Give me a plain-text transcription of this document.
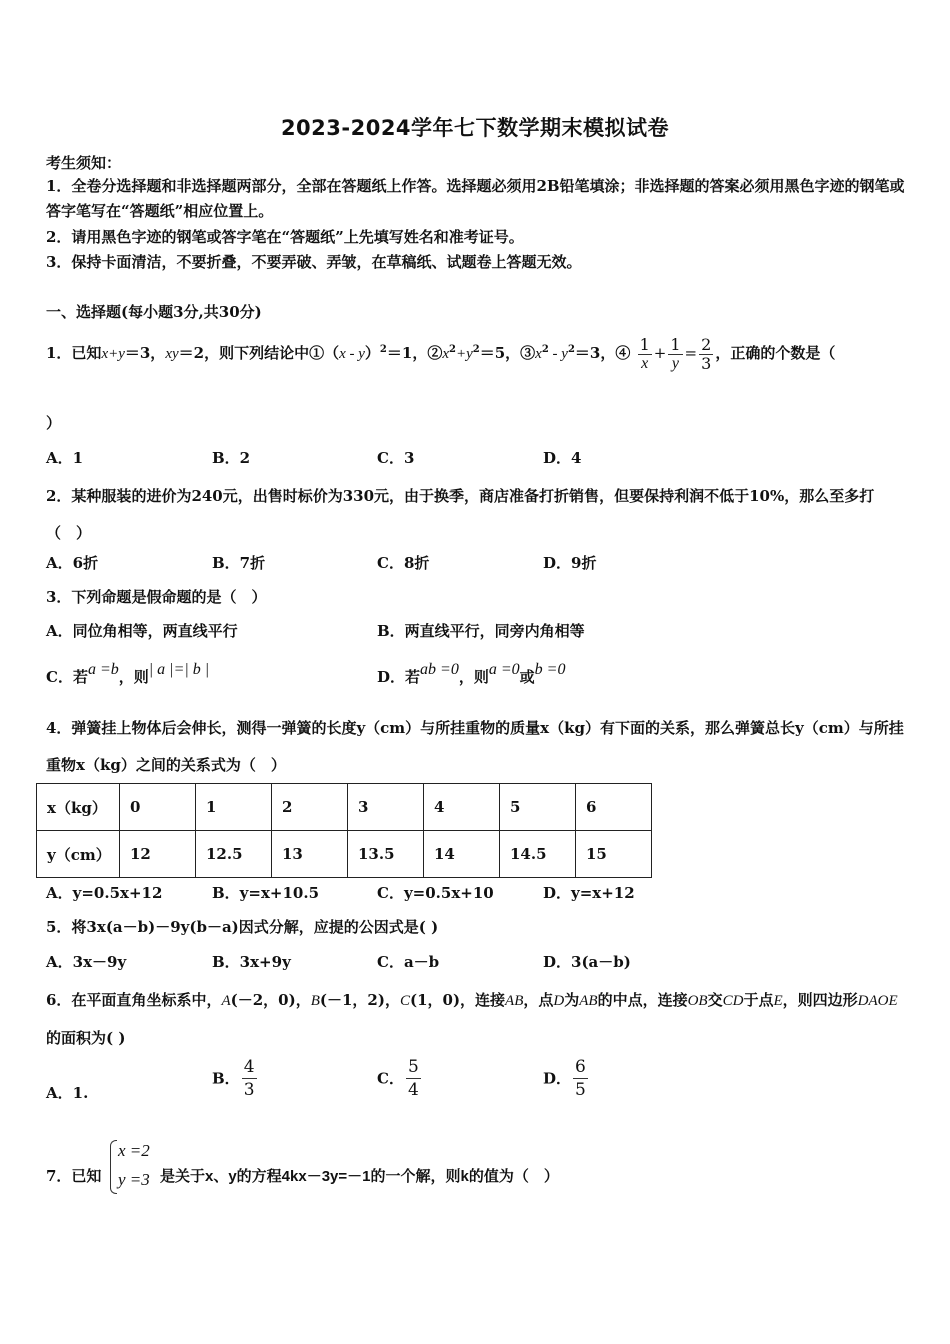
2023-2024学年七下数学期末模拟试卷
考生须知：
1．全卷分选择题和非选择题两部分，全部在答题纸上作答。选择题必须用2B铅笔填涂；非选择题的答案必须用黑色字迹的钢笔或答字笔写在“答题纸”相应位置上。
2．请用黑色字迹的钢笔或答字笔在“答题纸”上先填写姓名和准考证号。
3．保持卡面清洁，不要折叠，不要弄破、弄皱，在草稿纸、试题卷上答题无效。
一、选择题(每小题3分,共30分)
1．已知x+y＝3，xy＝2，则下列结论中①（x - y）$^2$＝1，$②x^2+y^2=5$，$③x^2 - y^2=3$，④ $\frac{1}{x} + \frac{1}{y} = \frac{2}{3}$ ，正确的个数是（
）
A．1	B．2	C．3	D．4
2．某种服装的进价为240元，出售时标价为330元，由于换季，商店准备打折销售，但要保持利润不低于10%，那么至多打（　）
A．6折	B．7折	C．8折	D．9折
3．下列命题是假命题的是（　）
A．同位角相等，两直线平行	B．两直线平行，同旁内角相等
C．若a =b，则| a |=| b |	D．若ab =0，则a =0或b =0
4．弹簧挂上物体后会伸长，测得一弹簧的长度y（cm）与所挂重物的质量x（kg）有下面的关系，那么弹簧总长y（cm）与所挂重物x（kg）之间的关系式为（　）
x（kg）	0	1	2	3	4	5	6
y（cm）	12	12.5	13	13.5	14	14.5	15
A．y=0.5x+12	B．y=x+10.5	C．y=0.5x+10	D．y=x+12
5．将3x(a－b)－9y(b－a)因式分解，应提的公因式是( )
A．3x－9y	B．3x+9y	C．a－b	D．3(a－b)
6．在平面直角坐标系中，A(－2，0)，B(－1，2)，C(1，0)，连接AB，点D为AB的中点，连接OB交CD于点E，则四边形DAOE的面积为( )
A．1.
B． $\frac{4}{3}$	C． $\frac{5}{4}$	D． $\frac{6}{5}$
7．已知
x =2
y =3 是关于x、y的方程4kx－3y=－1的一个解，则k的值为（　）
